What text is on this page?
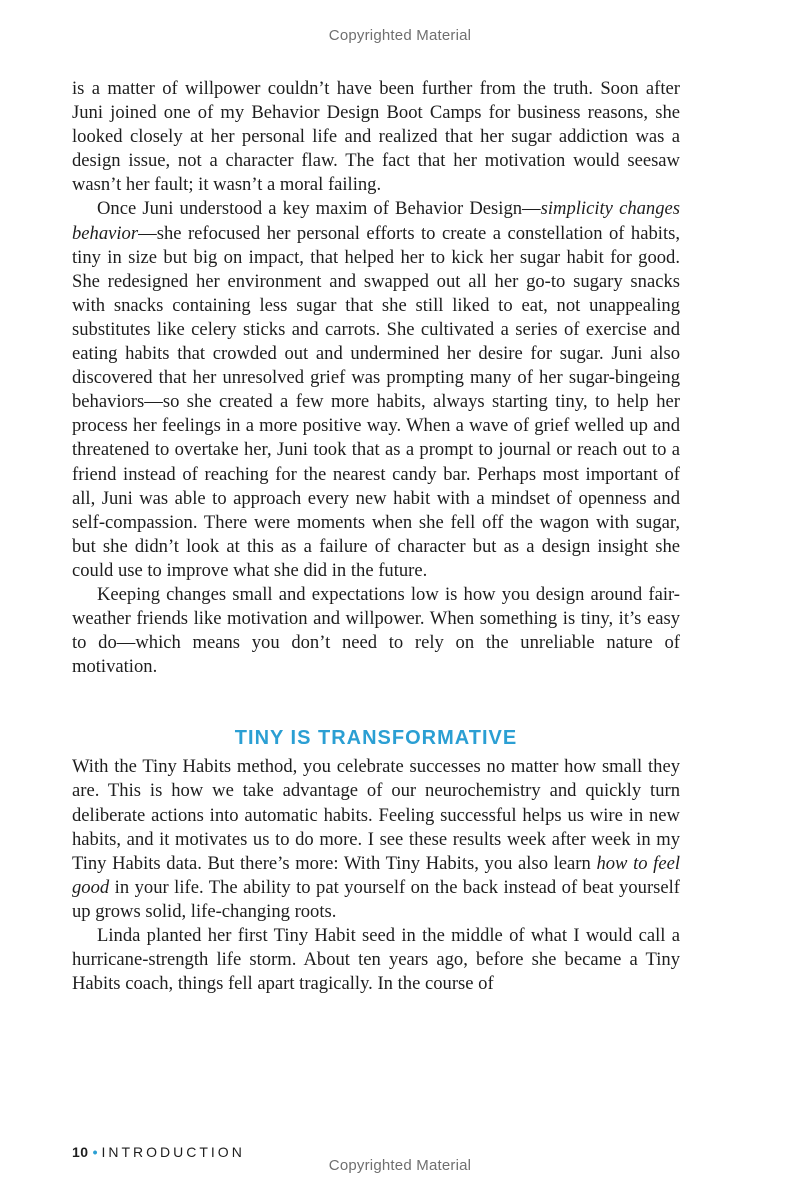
Copyrighted Material

is a matter of willpower couldn’t have been further from the truth. Soon after Juni joined one of my Behavior Design Boot Camps for business reasons, she looked closely at her personal life and realized that her sugar addiction was a design issue, not a character flaw. The fact that her motivation would seesaw wasn’t her fault; it wasn’t a moral failing.

Once Juni understood a key maxim of Behavior Design—simplicity changes behavior—she refocused her personal efforts to create a constellation of habits, tiny in size but big on impact, that helped her to kick her sugar habit for good. She redesigned her environment and swapped out all her go-to sugary snacks with snacks containing less sugar that she still liked to eat, not unappealing substitutes like celery sticks and carrots. She cultivated a series of exercise and eating habits that crowded out and undermined her desire for sugar. Juni also discovered that her unresolved grief was prompting many of her sugar-bingeing behaviors—so she created a few more habits, always starting tiny, to help her process her feelings in a more positive way. When a wave of grief welled up and threatened to overtake her, Juni took that as a prompt to journal or reach out to a friend instead of reaching for the nearest candy bar. Perhaps most important of all, Juni was able to approach every new habit with a mindset of openness and self-compassion. There were moments when she fell off the wagon with sugar, but she didn’t look at this as a failure of character but as a design insight she could use to improve what she did in the future.

Keeping changes small and expectations low is how you design around fair-weather friends like motivation and willpower. When something is tiny, it’s easy to do—which means you don’t need to rely on the unreliable nature of motivation.

TINY IS TRANSFORMATIVE

With the Tiny Habits method, you celebrate successes no matter how small they are. This is how we take advantage of our neurochemistry and quickly turn deliberate actions into automatic habits. Feeling successful helps us wire in new habits, and it motivates us to do more. I see these results week after week in my Tiny Habits data. But there’s more: With Tiny Habits, you also learn how to feel good in your life. The ability to pat yourself on the back instead of beat yourself up grows solid, life-changing roots.

Linda planted her first Tiny Habit seed in the middle of what I would call a hurricane-strength life storm. About ten years ago, before she became a Tiny Habits coach, things fell apart tragically. In the course of

10 • INTRODUCTION
Copyrighted Material
